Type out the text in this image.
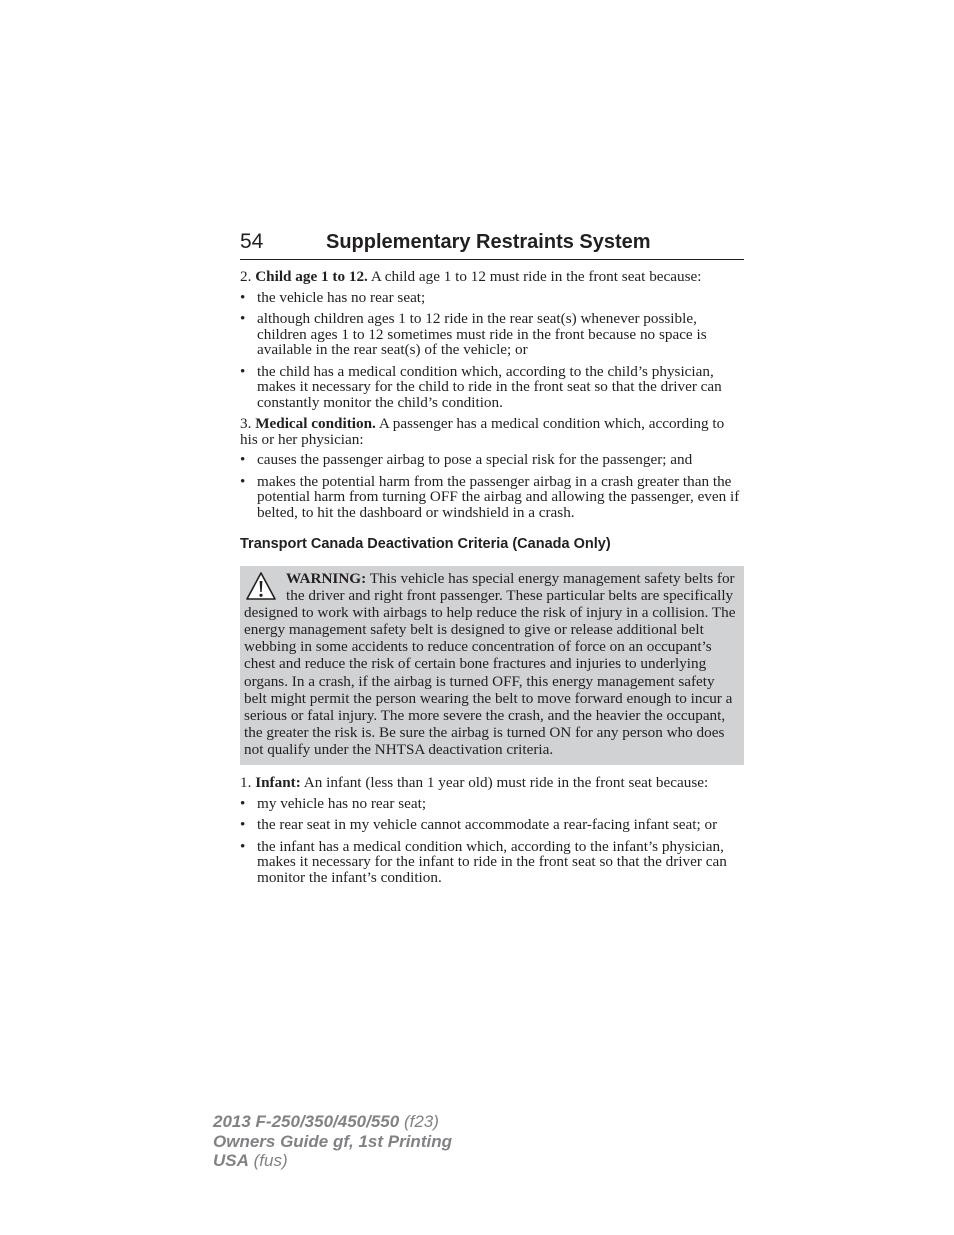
54	Supplementary Restraints System

2. Child age 1 to 12. A child age 1 to 12 must ride in the front seat because:

• the vehicle has no rear seat;
• although children ages 1 to 12 ride in the rear seat(s) whenever possible, children ages 1 to 12 sometimes must ride in the front because no space is available in the rear seat(s) of the vehicle; or
• the child has a medical condition which, according to the child’s physician, makes it necessary for the child to ride in the front seat so that the driver can constantly monitor the child’s condition.

3. Medical condition. A passenger has a medical condition which, according to his or her physician:

• causes the passenger airbag to pose a special risk for the passenger; and
• makes the potential harm from the passenger airbag in a crash greater than the potential harm from turning OFF the airbag and allowing the passenger, even if belted, to hit the dashboard or windshield in a crash.
Transport Canada Deactivation Criteria (Canada Only)
WARNING: This vehicle has special energy management safety belts for the driver and right front passenger. These particular belts are specifically designed to work with airbags to help reduce the risk of injury in a collision. The energy management safety belt is designed to give or release additional belt webbing in some accidents to reduce concentration of force on an occupant’s chest and reduce the risk of certain bone fractures and injuries to underlying organs. In a crash, if the airbag is turned OFF, this energy management safety belt might permit the person wearing the belt to move forward enough to incur a serious or fatal injury. The more severe the crash, and the heavier the occupant, the greater the risk is. Be sure the airbag is turned ON for any person who does not qualify under the NHTSA deactivation criteria.

1. Infant: An infant (less than 1 year old) must ride in the front seat because:

• my vehicle has no rear seat;
• the rear seat in my vehicle cannot accommodate a rear-facing infant seat; or
• the infant has a medical condition which, according to the infant’s physician, makes it necessary for the infant to ride in the front seat so that the driver can monitor the infant’s condition.
2013 F-250/350/450/550 (f23)
Owners Guide gf, 1st Printing
USA (fus)
